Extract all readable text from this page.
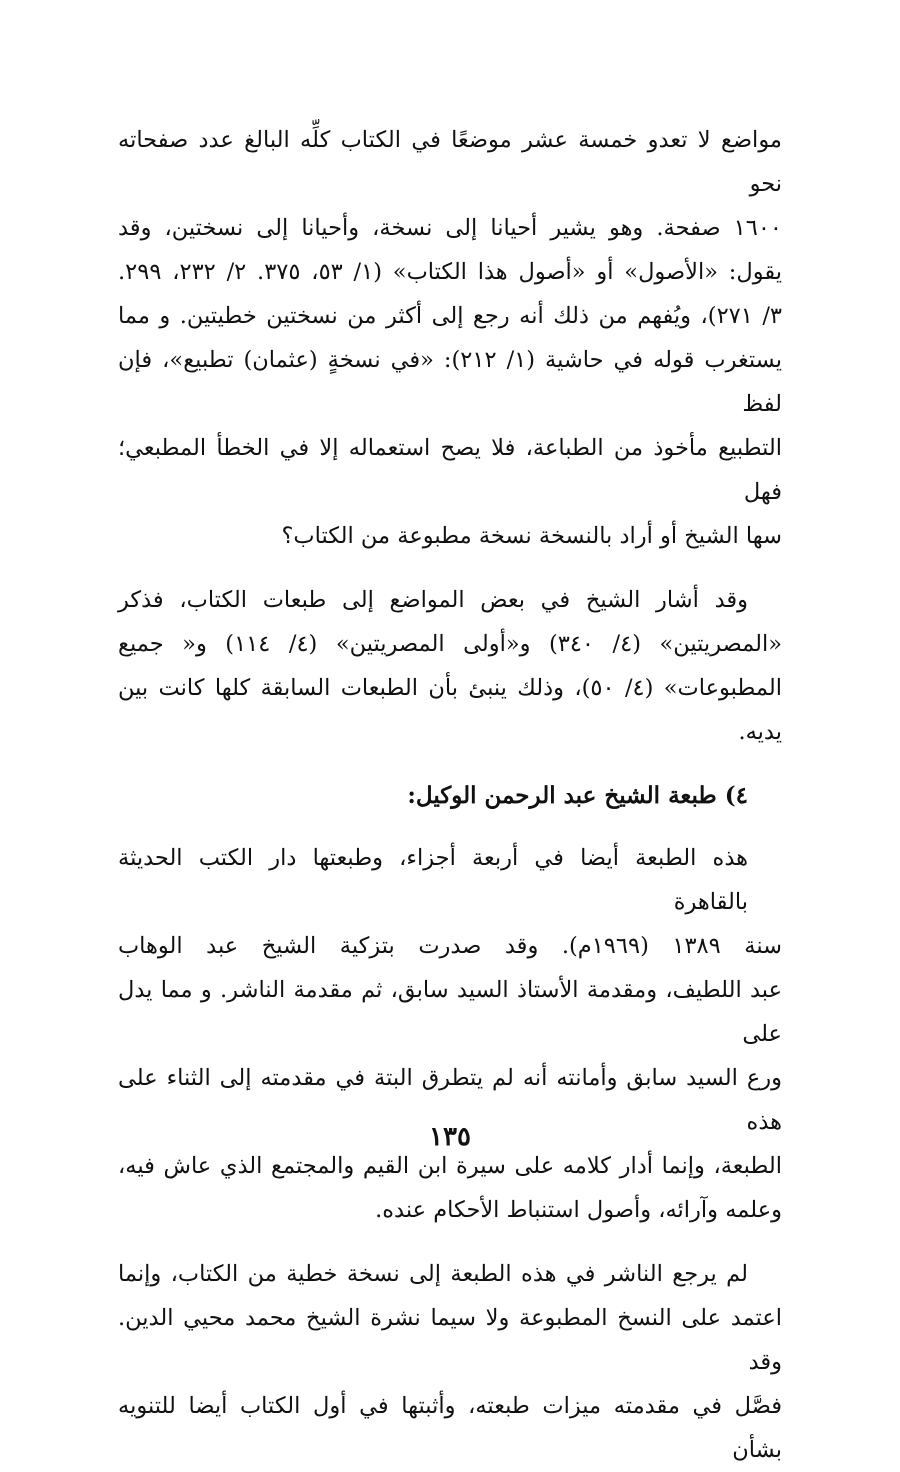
مواضع لا تعدو خمسة عشر موضعًا في الكتاب كلِّه البالغ عدد صفحاته نحو
١٦٠٠ صفحة. وهو يشير أحيانا إلى نسخة، وأحيانا إلى نسختين، وقد
يقول: «الأصول» أو «أصول هذا الكتاب» (١/ ٥٣، ٣٧٥. ٢/ ٢٣٢، ٢٩٩.
٣/ ٢٧١)، ويُفهم من ذلك أنه رجع إلى أكثر من نسختين خطيتين. و مما
يستغرب قوله في حاشية (١/ ٢١٢): «في نسخةٍ (عثمان) تطبيع»، فإن لفظ
التطبيع مأخوذ من الطباعة، فلا يصح استعماله إلا في الخطأ المطبعي؛ فهل
سها الشيخ أو أراد بالنسخة نسخة مطبوعة من الكتاب؟
وقد أشار الشيخ في بعض المواضع إلى طبعات الكتاب، فذكر
«المصريتين» (٤/ ٣٤٠) و«أولى المصريتين» (٤/ ١١٤) و« جميع
المطبوعات» (٤/ ٥٠)، وذلك ينبئ بأن الطبعات السابقة كلها كانت بين
يديه.
٤) طبعة الشيخ عبد الرحمن الوكيل:
هذه الطبعة أيضا في أربعة أجزاء، وطبعتها دار الكتب الحديثة بالقاهرة
سنة ١٣٨٩ (١٩٦٩م). وقد صدرت بتزكية الشيخ عبد الوهاب
عبد اللطيف، ومقدمة الأستاذ السيد سابق، ثم مقدمة الناشر. و مما يدل على
ورع السيد سابق وأمانته أنه لم يتطرق البتة في مقدمته إلى الثناء على هذه
الطبعة، وإنما أدار كلامه على سيرة ابن القيم والمجتمع الذي عاش فيه،
وعلمه وآرائه، وأصول استنباط الأحكام عنده.
لم يرجع الناشر في هذه الطبعة إلى نسخة خطية من الكتاب، وإنما
اعتمد على النسخ المطبوعة ولا سيما نشرة الشيخ محمد محيي الدين. وقد
فصَّل في مقدمته ميزات طبعته، وأثبتها في أول الكتاب أيضا للتنويه بشأن
١٣٥
